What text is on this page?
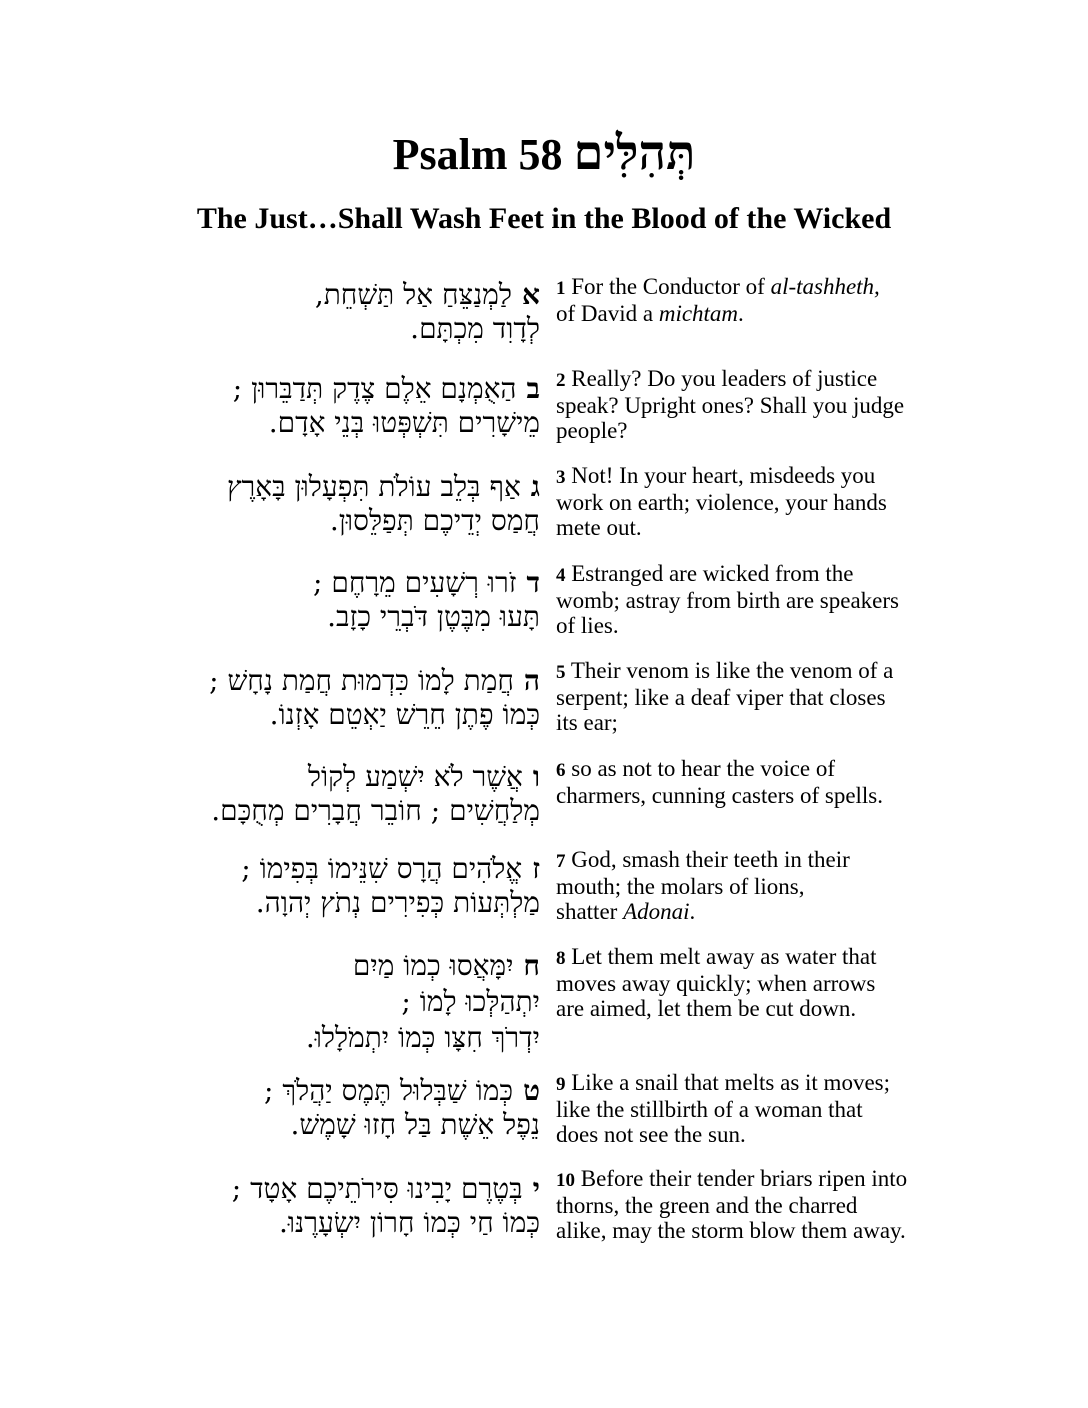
Psalm 58 תְּהִלִּים
The Just…Shall Wash Feet in the Blood of the Wicked
אלַמְנַצֵּחַ אַל תַּשְׁחֵת,
לְדָוִד מִכְתָּם.
1 For the Conductor of al-tashheth,
of David a michtam.
בהַאֻמְנָם אֵלֶם צֶדֶק תְּדַבֵּרוּן ;
מֵישָׁרִים תִּשְׁפְּטוּ בְּנֵי אָדָם.
2 Really? Do you leaders of justice
speak? Upright ones? Shall you judge
people?
גאַף בְּלֵב עוֹלֹת תִּפְעָלוּן בָּאָרֶץ
חֲמַס יְדֵיכֶם תְּפַלֵּסוּן.
3 Not! In your heart, misdeeds you
work on earth; violence, your hands
mete out.
דזֹרוּ רְשָׁעִים מֵרָחֶם ;
תָּעוּ מִבֶּטֶן דֹּבְרֵי כָזָב.
4 Estranged are wicked from the
womb; astray from birth are speakers
of lies.
החֲמַת לָמוֹ כִּדְמוּת חֲמַת נָחָשׁ ;
כְּמוֹ פֶתֶן חֵרֵשׁ יַאְטֵם אָזְנוֹ.
5 Their venom is like the venom of a
serpent; like a deaf viper that closes
its ear;
ואֲשֶׁר לֹא יִשְׁמַע לְקוֹל
מְלַחֲשִׁים ; חוֹבֵר חֲבָרִים מְחֻכָּם.
6 so as not to hear the voice of
charmers, cunning casters of spells.
זאֱלֹהִים הֲרָס שִׁנֵּימוֹ בְּפִימוֹ ;
מַלְתְּעוֹת כְּפִירִים נְתֹץ יְהוָה.
7 God, smash their teeth in their
mouth; the molars of lions,
shatter Adonai.
חיִמָּאֲסוּ כְמוֹ מַיִם
יִתְהַלְּכוּ לָמוֹ ;
יִדְרֹךְ חִצָּו כְּמוֹ יִתְמֹלָלוּ.
8 Let them melt away as water that
moves away quickly; when arrows
are aimed, let them be cut down.
טכְּמוֹ שַׁבְּלוּל תֶּמֶס יַהֲלֹךְ ;
נֵפֶל אֵשֶׁת בַּל חָזוּ שָׁמֶשׁ.
9 Like a snail that melts as it moves;
like the stillbirth of a woman that
does not see the sun.
יבְּטֶרֶם יָבִינוּ סִּירֹתֵיכֶם אָטָד ;
כְּמוֹ חַי כְּמוֹ חָרוֹן יִשְׂעָרֶנּוּ.
10 Before their tender briars ripen into
thorns, the green and the charred
alike, may the storm blow them away.
